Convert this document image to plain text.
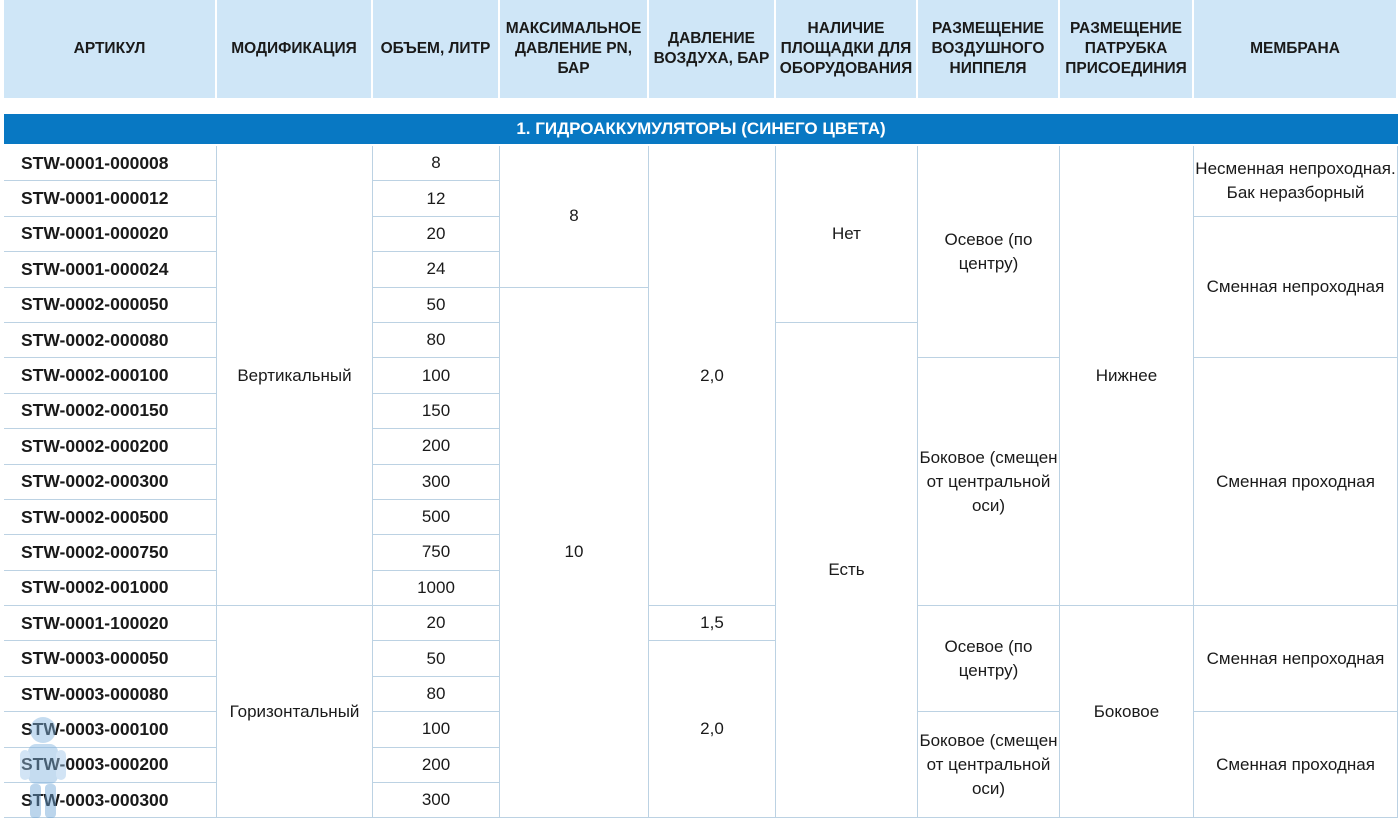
АРТИКУЛ	МОДИФИКАЦИЯ	ОБЪЕМ, ЛИТР	МАКСИМАЛЬНОЕ ДАВЛЕНИЕ PN, БАР	ДАВЛЕНИЕ ВОЗДУХА, БАР	НАЛИЧИЕ ПЛОЩАДКИ ДЛЯ ОБОРУДОВАНИЯ	РАЗМЕЩЕНИЕ ВОЗДУШНОГО НИППЕЛЯ	РАЗМЕЩЕНИЕ ПАТРУБКА ПРИСОЕДИНИЯ	МЕМБРАНА
1. ГИДРОАККУМУЛЯТОРЫ (СИНЕГО ЦВЕТА)
STW-0001-000008	Вертикальный	8	8	2,0	Нет	Осевое (по центру)	Нижнее	Несменная непроходная. Бак неразборный
STW-0001-000012		12						
STW-0001-000020		20						Сменная непроходная
STW-0001-000024		24						
STW-0002-000050		50	10					
STW-0002-000080		80			Есть			
STW-0002-000100		100				Боковое (смещен от центральной оси)		Сменная проходная
STW-0002-000150		150						
STW-0002-000200		200						
STW-0002-000300		300						
STW-0002-000500		500						
STW-0002-000750		750						
STW-0002-001000		1000						
STW-0001-100020	Горизонтальный	20		1,5		Осевое (по центру)	Боковое	Сменная непроходная
STW-0003-000050		50		2,0				
STW-0003-000080		80						
STW-0003-000100		100				Боковое (смещен от центральной оси)		Сменная проходная
STW-0003-000200		200						
STW-0003-000300		300						
